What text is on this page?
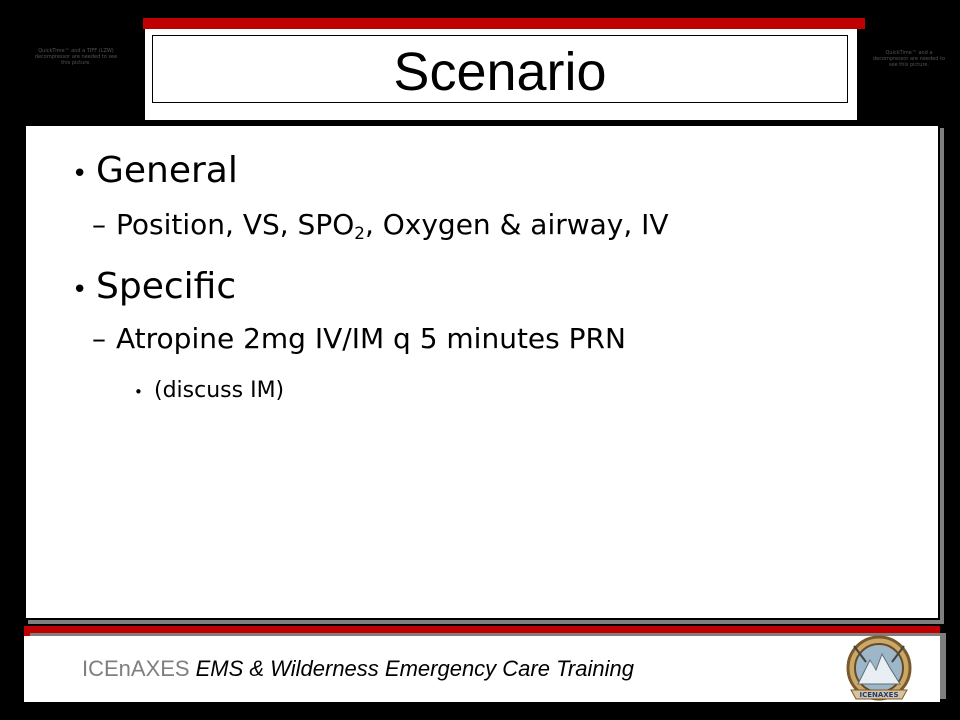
QuickTime™ and a TIFF (LZW) decompressor are needed to see this picture.
QuickTime™ and a decompressor are needed to see this picture.
Scenario
• General
– Position, VS, $SPO_2$, Oxygen & airway, IV
• Specific
– Atropine 2mg IV/IM q 5 minutes PRN
• (discuss IM)
ICEnAXES EMS & Wilderness Emergency Care Training
ICENAXES
